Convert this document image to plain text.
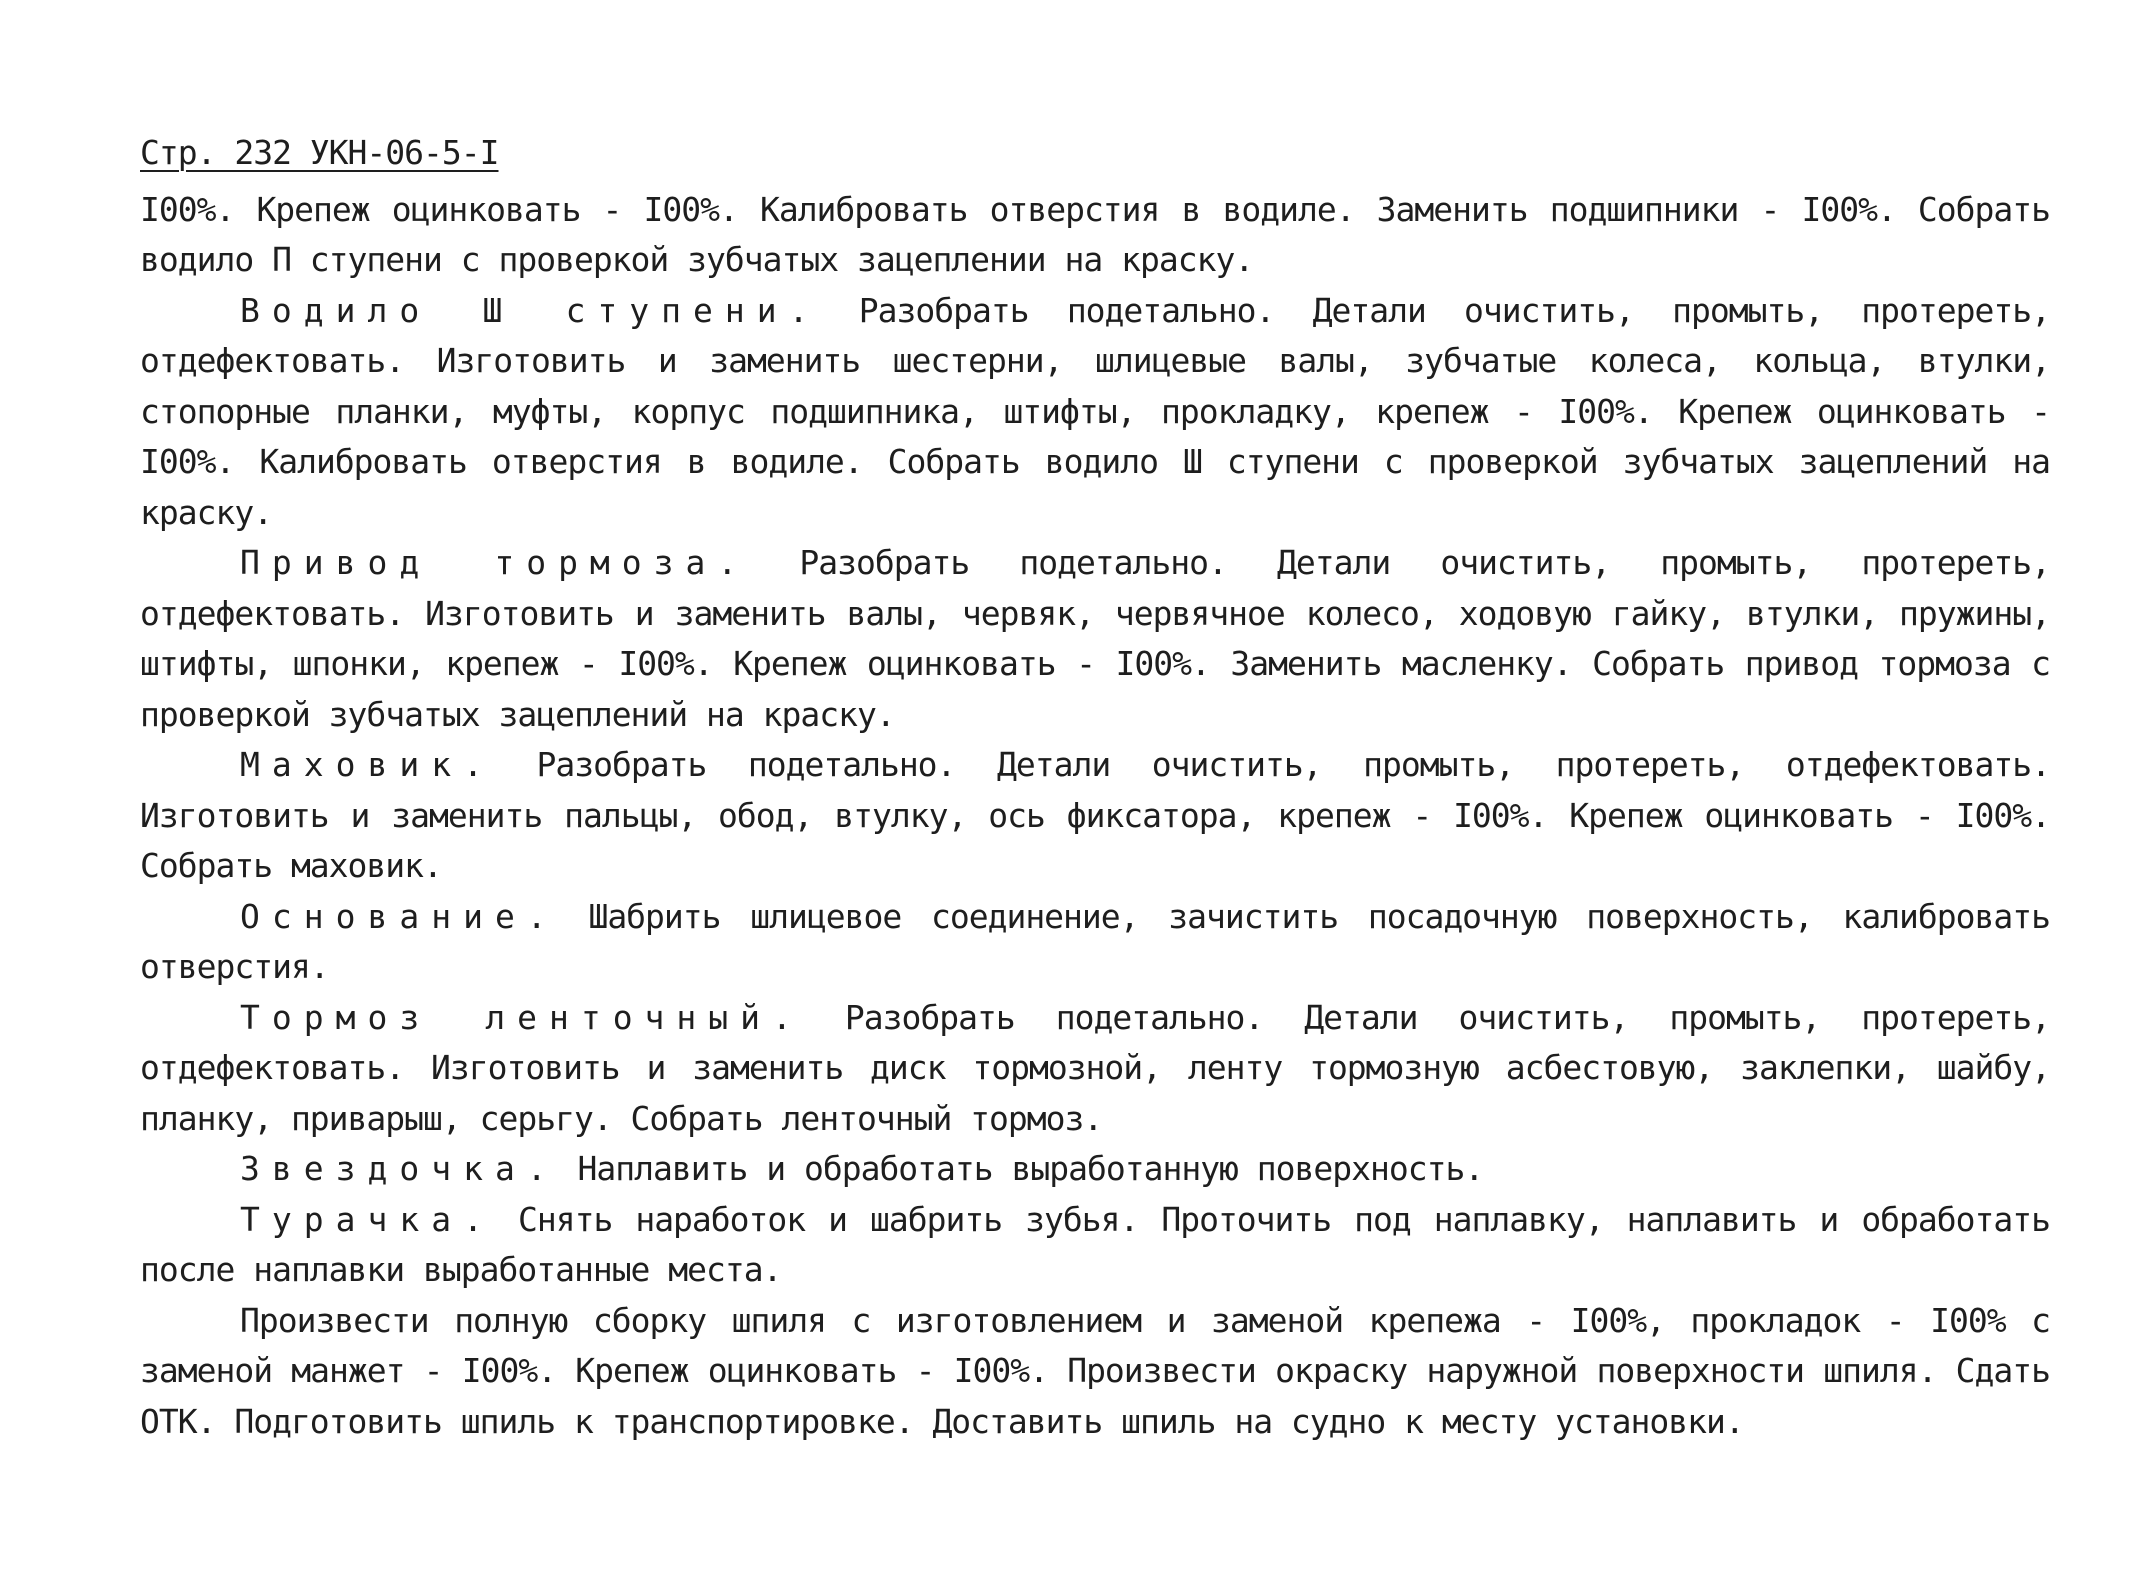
Стр. 232 УКН-06-5-I

I00%. Крепеж оцинковать - I00%. Калибровать отверстия в водиле. Заменить подшипники - I00%. Собрать водило П ступени с проверкой зубчатых зацеплении на краску.

Водило Ш ступени. Разобрать подетально. Детали очистить, промыть, протереть, отдефектовать. Изготовить и заменить шестерни, шлицевые валы, зубчатые колеса, кольца, втулки, стопорные планки, муфты, корпус подшипника, штифты, прокладку, крепеж - I00%. Крепеж оцинковать - I00%. Калибровать отверстия в водиле. Собрать водило Ш ступени с проверкой зубчатых зацеплений на краску.

Привод тормоза. Разобрать подетально. Детали очистить, промыть, протереть, отдефектовать. Изготовить и заменить валы, червяк, червячное колесо, ходовую гайку, втулки, пружины, штифты, шпонки, крепеж - I00%. Крепеж оцинковать - I00%. Заменить масленку. Собрать привод тормоза с проверкой зубчатых зацеплений на краску.

Маховик. Разобрать подетально. Детали очистить, промыть, протереть, отдефектовать. Изготовить и заменить пальцы, обод, втулку, ось фиксатора, крепеж - I00%. Крепеж оцинковать - I00%. Собрать маховик.

Основание. Шабрить шлицевое соединение, зачистить посадочную поверхность, калибровать отверстия.

Тормоз ленточный. Разобрать подетально. Детали очистить, промыть, протереть, отдефектовать. Изготовить и заменить диск тормозной, ленту тормозную асбестовую, заклепки, шайбу, планку, приварыш, серьгу. Собрать ленточный тормоз.

Звездочка. Наплавить и обработать выработанную поверхность.

Турачка. Снять наработок и шабрить зубья. Проточить под наплавку, наплавить и обработать после наплавки выработанные места.

Произвести полную сборку шпиля с изготовлением и заменой крепежа - I00%, прокладок - I00% с заменой манжет - I00%. Крепеж оцинковать - I00%. Произвести окраску наружной поверхности шпиля. Сдать ОТК. Подготовить шпиль к транспортировке. Доставить шпиль на судно к месту установки.
